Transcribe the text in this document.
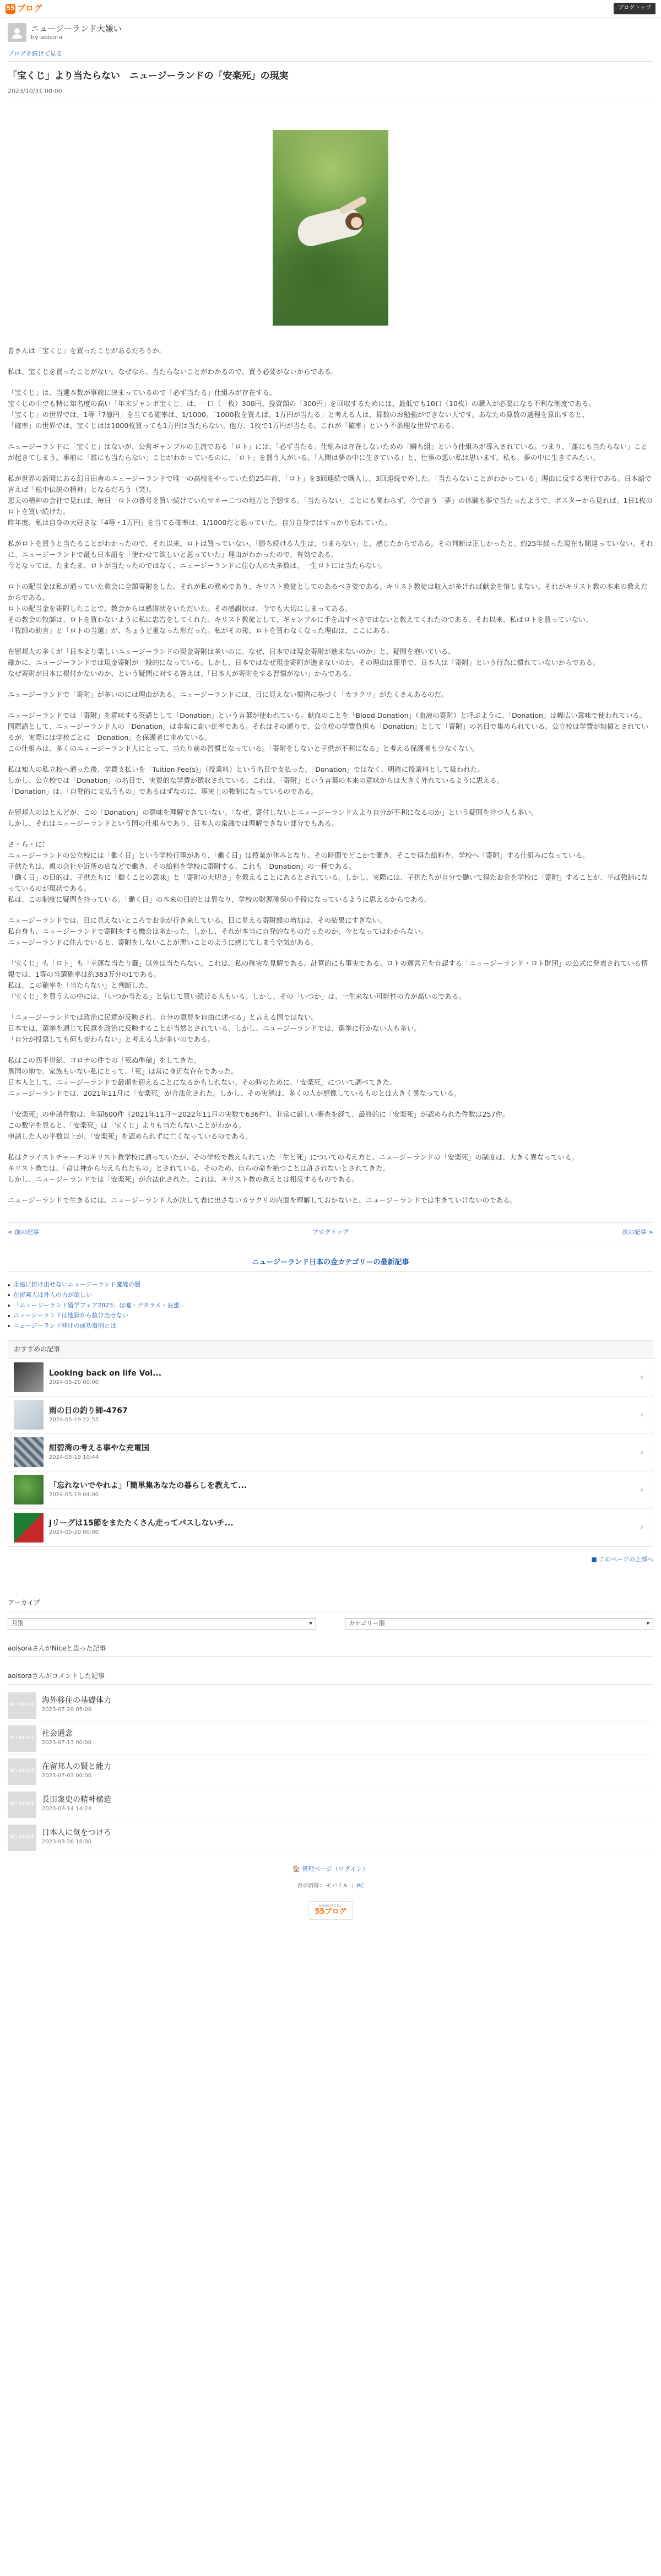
55 ブログ	ブログトップ
ニュージーランド大嫌い
by aoisora
ブログを続けて見る
「宝くじ」より当たらない　ニュージーランドの「安楽死」の現実
2023/10/31 00:00

皆さんは「宝くじ」を買ったことがあるだろうか。

私は、宝くじを買ったことがない。なぜなら、当たらないことがわかるので、買う必要がないからである。

「宝くじ」は、当選本数が事前に決まっているので「必ず当たる」仕組みが存在する。
宝くじの中でも特に知名度の高い「年末ジャンボ宝くじ」は、一口（一枚）300円、投資額の「300円」を回収するためには、最低でも10口（10枚）の購入が必要になる不利な制度である。
「宝くじ」の世界では、1等「7億円」を当てる確率は、1/1000。「1000枚を買えば、1万円が当たる」と考える人は、算数のお勉強ができない人です。あなたの算数の過程を算出すると、
「確率」の世界では、宝くじはは1000枚買っても1万円は当たらない。他方、1枚で1万円が当たる。これが「確率」という不条理な世界である。

ニュージーランドに「宝くじ」はないが、公営ギャンブルの主流である「ロト」には、「必ず当たる」仕組みは存在しないための「瞬ち組」という仕組みが導入されている。つまり、「誰にも当たらない」ことが起きてしまう。事前に「誰にも当たらない」ことがわかっているのに、「ロト」を買う人がいる。「人間は夢の中に生きている」と、仕事の悪い私は思います。私も、夢の中に生きてみたい。

私が世界の新聞にある幻日田舎のニュージーランドで唯一の高校をやっていた約25年前、「ロト」を3回連続で購入し、3回連続で外した。「当たらないことがわかっている」理由に反する実行である。日本語で言えば「松中伝説の精神」となるだろう（笑）。
悪天の精神の会社で見れば、毎日一ロトの番号を買い続けていたマネー二つの地方と予想する。「当たらない」ことにも関わらず、今で言う「夢」の体験も夢で当たったようで、ポスターから見れば、1日1枚のロトを買い続けた。
昨年度、私は自身の大好きな「4等・1万円」を当てる確率は、1/1000だと思っていた。自分自身ではすっかり忘れていた。

私がロトを買うと当たることがわかったので、それ以来、ロトは買っていない。「勝ち続ける人生は、つまらない」と、感じたからである。その判断は正しかったと、約25年経った現在も間違っていない。それに、ニュージーランドで最も日本語を「使わせて欲しいと思っていた」理由がわかったので、有効である。
今となっては、たまたま、ロトが当たったのではなく、ニュージーランドに住む人の大多数は、一生ロトには当たらない。

ロトの配当金は私が通っていた教会に全額寄附をした。それが私の務めであり、キリスト教徒としてのあるべき姿である。キリスト教徒は収入が多ければ献金を惜しまない。それがキリスト教の本来の教えだからである。
ロトの配当金を寄附したことで、教会からは感謝状をいただいた。その感謝状は、今でも大切にしまってある。
その教会の牧師は、ロトを買わないように私に忠告をしてくれた。キリスト教徒として、ギャンブルに手を出すべきではないと教えてくれたのである。それ以来、私はロトを買っていない。
「牧師の助言」と「ロトの当選」が、ちょうど重なった形だった。私がその後、ロトを買わなくなった理由は、ここにある。

在留邦人の多くが「日本より楽しいニュージーランドの現金寄附は多いのに、なぜ、日本では現金寄附が進まないのか」と、疑問を抱いている。
確かに、ニュージーランドでは現金寄附が一般的になっている。しかし、日本ではなぜ現金寄附が進まないのか。その理由は簡単で、日本人は「寄附」という行為に慣れていないからである。
なぜ寄附が日本に根付かないのか、という疑問に対する答えは、「日本人が寄附をする習慣がない」からである。

ニュージーランドで「寄附」が多いのには理由がある。ニュージーランドには、目に見えない慣例に基づく「カラクリ」がたくさんあるのだ。

ニュージーランドでは「寄附」を意味する英語として「Donation」という言葉が使われている。献血のことを「Blood Donation」（血液の寄附）と呼ぶように、「Donation」は幅広い意味で使われている。
国際語として、ニュージーランド人の「Donation」は非常に高い比率である。それはその通りで、公立校の学費負担も「Donation」として「寄附」の名目で集められている。公立校は学費が無償とされているが、実際には学校ごとに「Donation」を保護者に求めている。
この仕組みは、多くのニュージーランド人にとって、当たり前の習慣となっている。「寄附をしないと子供が不利になる」と考える保護者も少なくない。

私は知人の私立校へ通った後、学費支払いを「Tuition Fee(s)」（授業料）という名目で支払った。「Donation」ではなく、明確に授業料として扱われた。
しかし、公立校では「Donation」の名目で、実質的な学費が徴収されている。これは、「寄附」という言葉の本来の意味からは大きく外れているように思える。
「Donation」は、「自発的に支払うもの」であるはずなのに、事実上の強制になっているのである。

在留邦人のほとんどが、この「Donation」の意味を理解できていない。「なぜ、寄付しないとニュージーランド人より自分が不利になるのか」という疑問を持つ人も多い。
しかし、それはニュージーランドという国の仕組みであり、日本人の常識では理解できない部分でもある。

さ・ら・に！
ニュージーランドの公立校には「働く日」という学校行事があり、「働く日」は授業が休みとなり、その時間でどこかで働き、そこで得た給料を、学校へ「寄附」する仕組みになっている。
子供たちは、親の会社や近所の店などで働き、その給料を学校に寄附する。これも「Donation」の一種である。
「働く日」の目的は、子供たちに「働くことの意味」と「寄附の大切さ」を教えることにあるとされている。しかし、実際には、子供たちが自分で働いて得たお金を学校に「寄附」することが、半ば強制になっているのが現状である。
私は、この制度に疑問を持っている。「働く日」の本来の目的とは異なり、学校の財源確保の手段になっているように思えるからである。

ニュージーランドでは、目に見えないところでお金が行き来している。目に見える寄附額の増加は、その結果にすぎない。
私自身も、ニュージーランドで寄附をする機会は多かった。しかし、それが本当に自発的なものだったのか、今となってはわからない。
ニュージーランドに住んでいると、寄附をしないことが悪いことのように感じてしまう空気がある。

「宝くじ」も「ロト」も「幸運な当たり籤」以外は当たらない。これは、私の確実な見解である。計算的にも事実である。ロトの運営元を自認する「ニュージーランド・ロト財団」の公式に発表されている情報では、1等の当選確率は約383万分の1である。
私は、この確率を「当たらない」と判断した。
「宝くじ」を買う人の中には、「いつか当たる」と信じて買い続ける人もいる。しかし、その「いつか」は、一生来ない可能性の方が高いのである。

「ニュージーランドでは政治に民意が反映され、自分の意見を自由に述べる」と言える国ではない。
日本では、選挙を通じて民意を政治に反映することが当然とされている。しかし、ニュージーランドでは、選挙に行かない人も多い。
「自分が投票しても何も変わらない」と考える人が多いのである。

私はこの四半世紀、コロナの件での「死ぬ準備」をしてきた。
異国の地で、家族もいない私にとって、「死」は常に身近な存在であった。
日本人として、ニュージーランドで最期を迎えることになるかもしれない。その時のために、「安楽死」について調べてきた。
ニュージーランドでは、2021年11月に「安楽死」が合法化された。しかし、その実態は、多くの人が想像しているものとは大きく異なっている。

「安楽死」の申請件数は、年間600件（2021年11月〜2022年11月の実数で636件）。非常に厳しい審査を経て、最終的に「安楽死」が認められた件数は257件。
この数字を見ると、「安楽死」は「宝くじ」よりも当たらないことがわかる。
申請した人の半数以上が、「安楽死」を認められずに亡くなっているのである。

私はクライストチャーチのキリスト教学校に通っていたが、その学校で教えられていた「生と死」についての考え方と、ニュージーランドの「安楽死」の制度は、大きく異なっている。
キリスト教では、「命は神から与えられたもの」とされている。そのため、自らの命を絶つことは許されないとされてきた。
しかし、ニュージーランドでは「安楽死」が合法化された。これは、キリスト教の教えとは相反するものである。

ニュージーランドで生きるには、ニュージーランド人が決して表に出さないカラクリの内面を理解しておかないと、ニュージーランドでは生きていけないのである。

< 前の記事	ブログトップ	次の記事 >
ニュージーランド日本の金カテゴリーの最新記事
永遠に拒け出せないニュージーランド魔境の闇
在留邦人は外人の力が欲しい
「ニュージーランド留学フェア2023」は嘘・デタラメ・妄想...
ニュージーランドは地獄から抜け出せない
ニュージーランド移住の成功事例とは
おすすめの記事
Looking back on life Vol...
2024-05-20 00:00
›
雨の日の釣り師-4767
2024-05-19 22:55
›
紺碧湾の考える事やな充電国
2024-05-19 10:44
›
「忘れないでやれよ」「簡単集あなたの暮らしを教えて...
2024-05-19 04:00
›
Jリーグは15節をまたたくさん走ってパスしないチ...
2024-05-20 00:00
›
■ このページの上部へ
アーカイブ
月別	▾	カテゴリー別	▾
aoisoraさんがNiceと思った記事
aoisoraさんがコメントした記事
NO IMAGE 海外移住の基礎体力
2023-07-20 05:00
NO IMAGE 社会通念
2023-07-13 00:00
NO IMAGE 在留邦人の賢と能力
2023-07-03 00:00
NO IMAGE 長田衆史の精神構造
2023-03-14 14:24
NO IMAGE 日本人に気をつけろ
2023-03-26 16:00
🏠 管理ページ（ログイン）
表示切替： モバイル | PC
powered by
55ブログ
